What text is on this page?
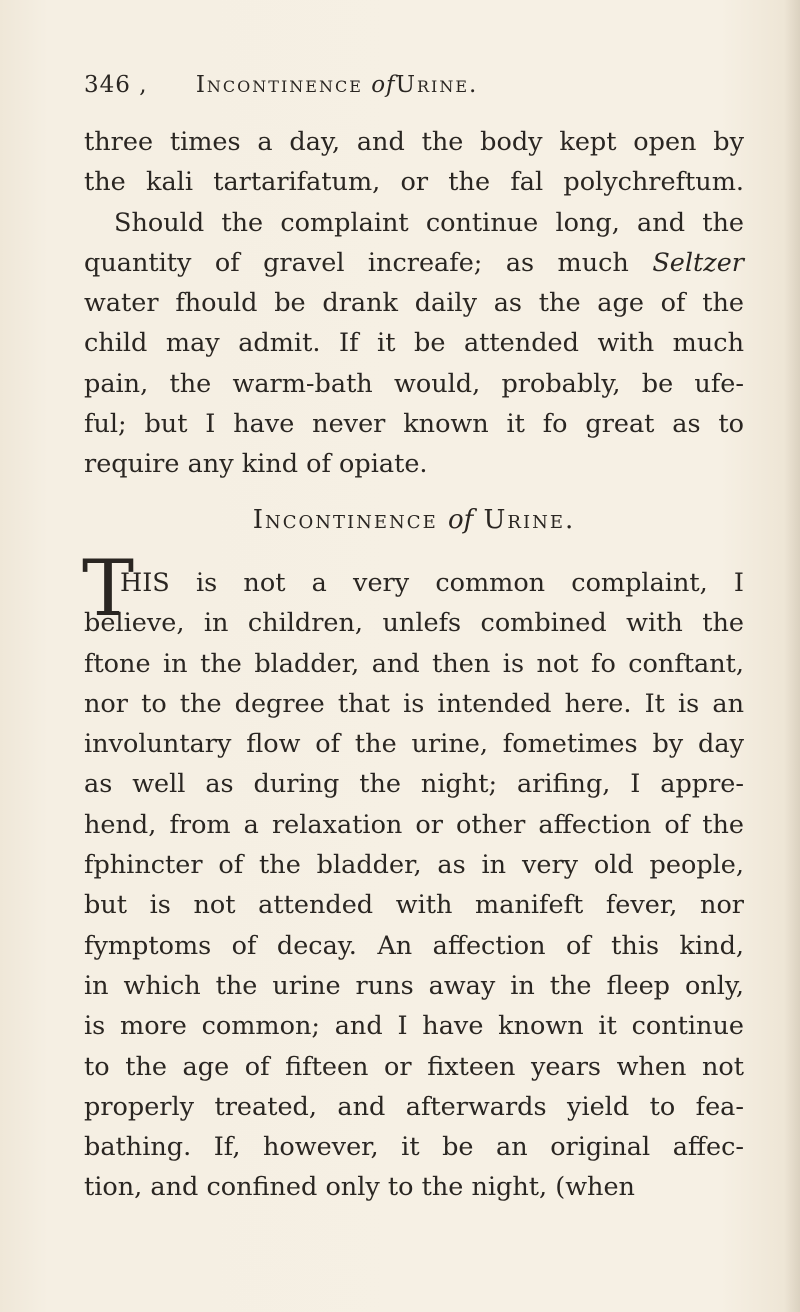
346 , Incontinence ofUrine.
three times a day, and the body kept open by
the kali tartarifatum, or the fal polychreftum.
Should the complaint continue long, and the
quantity of gravel increafe; as much Seltzer
water fhould be drank daily as the age of the
child may admit. If it be attended with much
pain, the warm-bath would, probably, be ufe-
ful; but I have never known it fo great as to
require any kind of opiate.
Incontinence of Urine.
T
HIS is not a very common complaint, I
believe, in children, unlefs combined with the
ftone in the bladder, and then is not fo conftant,
nor to the degree that is intended here. It is an
involuntary flow of the urine, fometimes by day
as well as during the night; arifing, I appre-
hend, from a relaxation or other affection of the
fphincter of the bladder, as in very old people,
but is not attended with manifeft fever, nor
fymptoms of decay. An affection of this kind,
in which the urine runs away in the fleep only,
is more common; and I have known it continue
to the age of fifteen or fixteen years when not
properly treated, and afterwards yield to fea-
bathing. If, however, it be an original affec-
tion, and confined only to the night, (when
